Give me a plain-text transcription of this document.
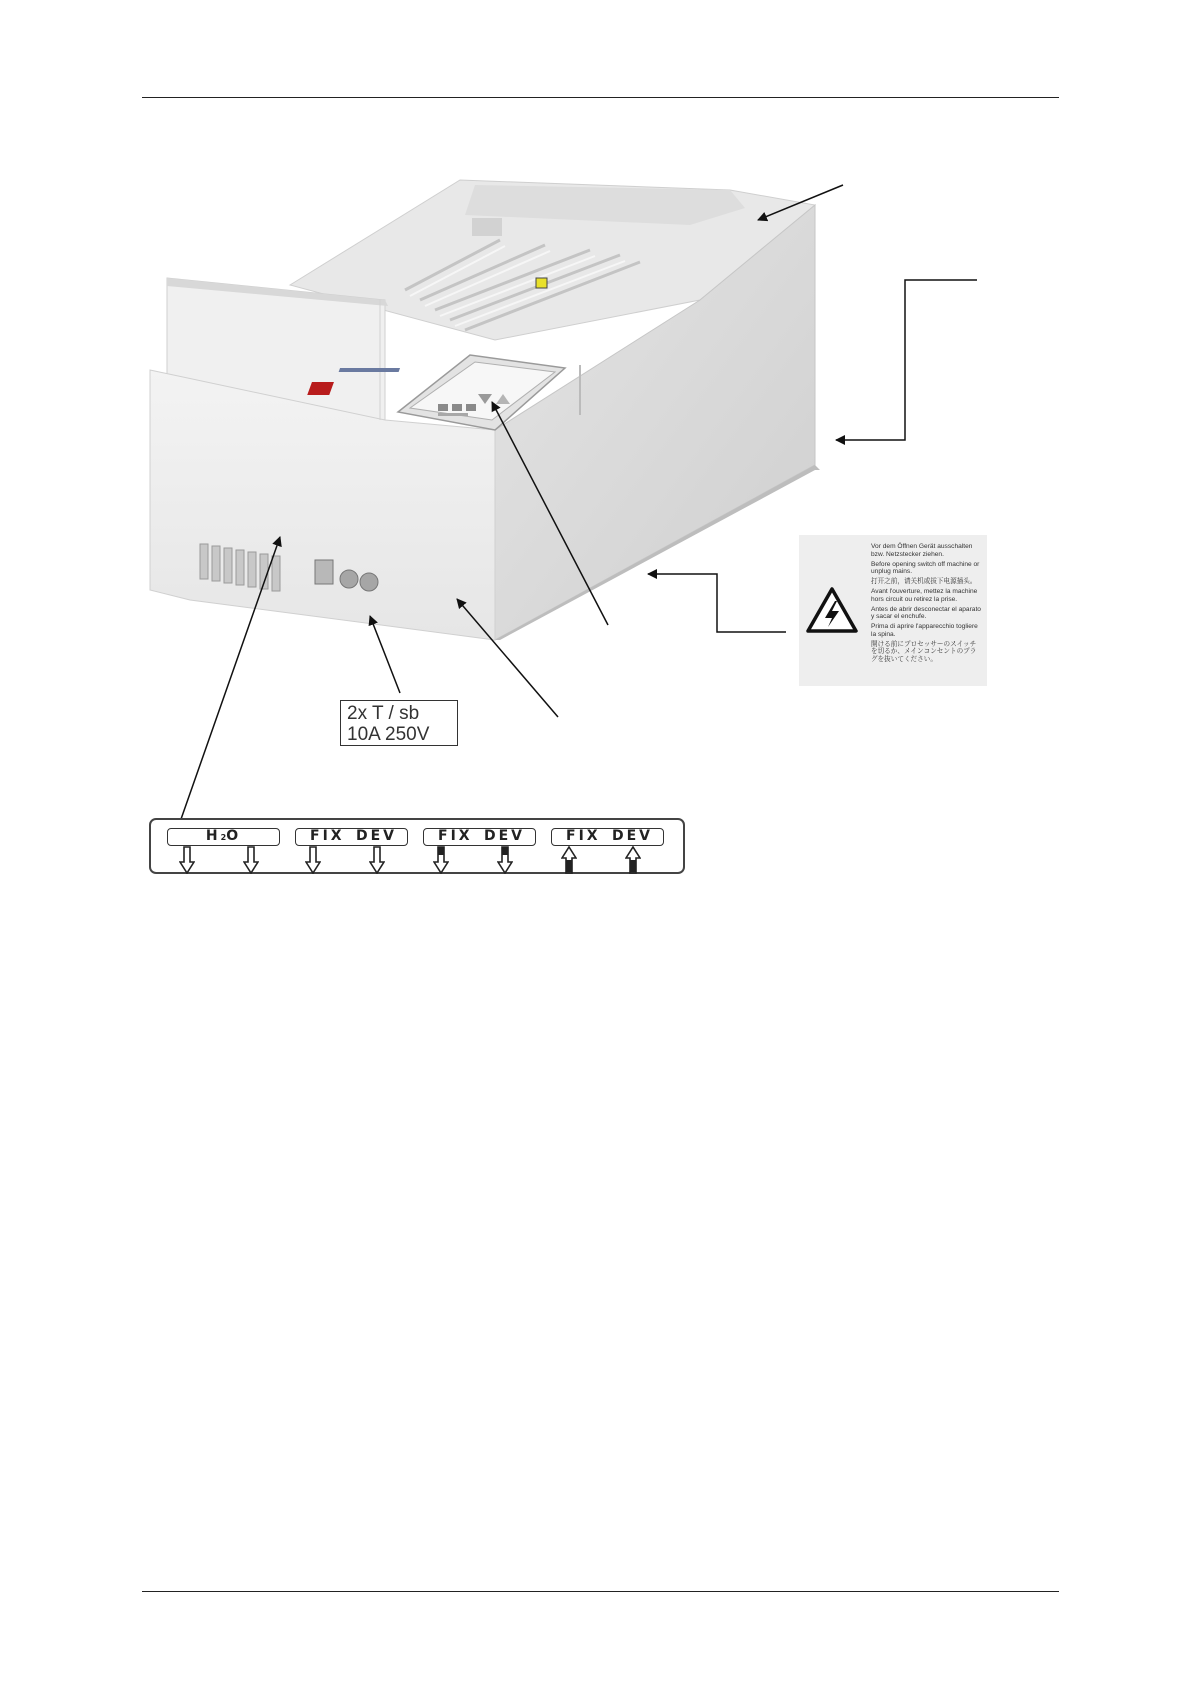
2x T / sb
10A 250V

Vor dem Öffnen Gerät ausschalten bzw. Netzstecker ziehen.

Before opening switch off machine or unplug mains.

打开之前，请关机或拔下电源插头。

Avant l'ouverture, mettez la machine hors circuit ou retirez la prise.

Antes de abrir desconectar el aparato y sacar el enchufe.

Prima di aprire l'apparecchio togliere la spina.

開ける前にプロセッサーのスイッチを切るか、メインコンセントのプラグを抜いてください。

H2O	FIX DEV	FIX DEV	FIX DEV
